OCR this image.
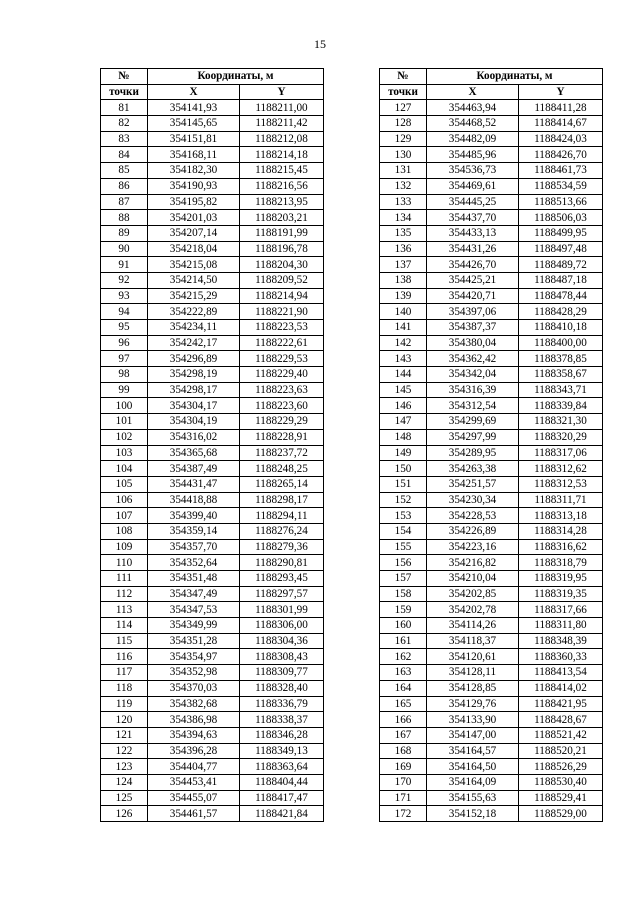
15
№	Координаты, м	
точки	X	Y
81	354141,93	1188211,00
82	354145,65	1188211,42
83	354151,81	1188212,08
84	354168,11	1188214,18
85	354182,30	1188215,45
86	354190,93	1188216,56
87	354195,82	1188213,95
88	354201,03	1188203,21
89	354207,14	1188191,99
90	354218,04	1188196,78
91	354215,08	1188204,30
92	354214,50	1188209,52
93	354215,29	1188214,94
94	354222,89	1188221,90
95	354234,11	1188223,53
96	354242,17	1188222,61
97	354296,89	1188229,53
98	354298,19	1188229,40
99	354298,17	1188223,63
100	354304,17	1188223,60
101	354304,19	1188229,29
102	354316,02	1188228,91
103	354365,68	1188237,72
104	354387,49	1188248,25
105	354431,47	1188265,14
106	354418,88	1188298,17
107	354399,40	1188294,11
108	354359,14	1188276,24
109	354357,70	1188279,36
110	354352,64	1188290,81
111	354351,48	1188293,45
112	354347,49	1188297,57
113	354347,53	1188301,99
114	354349,99	1188306,00
115	354351,28	1188304,36
116	354354,97	1188308,43
117	354352,98	1188309,77
118	354370,03	1188328,40
119	354382,68	1188336,79
120	354386,98	1188338,37
121	354394,63	1188346,28
122	354396,28	1188349,13
123	354404,77	1188363,64
124	354453,41	1188404,44
125	354455,07	1188417,47
126	354461,57	1188421,84
№	Координаты, м	
точки	X	Y
127	354463,94	1188411,28
128	354468,52	1188414,67
129	354482,09	1188424,03
130	354485,96	1188426,70
131	354536,73	1188461,73
132	354469,61	1188534,59
133	354445,25	1188513,66
134	354437,70	1188506,03
135	354433,13	1188499,95
136	354431,26	1188497,48
137	354426,70	1188489,72
138	354425,21	1188487,18
139	354420,71	1188478,44
140	354397,06	1188428,29
141	354387,37	1188410,18
142	354380,04	1188400,00
143	354362,42	1188378,85
144	354342,04	1188358,67
145	354316,39	1188343,71
146	354312,54	1188339,84
147	354299,69	1188321,30
148	354297,99	1188320,29
149	354289,95	1188317,06
150	354263,38	1188312,62
151	354251,57	1188312,53
152	354230,34	1188311,71
153	354228,53	1188313,18
154	354226,89	1188314,28
155	354223,16	1188316,62
156	354216,82	1188318,79
157	354210,04	1188319,95
158	354202,85	1188319,35
159	354202,78	1188317,66
160	354114,26	1188311,80
161	354118,37	1188348,39
162	354120,61	1188360,33
163	354128,11	1188413,54
164	354128,85	1188414,02
165	354129,76	1188421,95
166	354133,90	1188428,67
167	354147,00	1188521,42
168	354164,57	1188520,21
169	354164,50	1188526,29
170	354164,09	1188530,40
171	354155,63	1188529,41
172	354152,18	1188529,00
